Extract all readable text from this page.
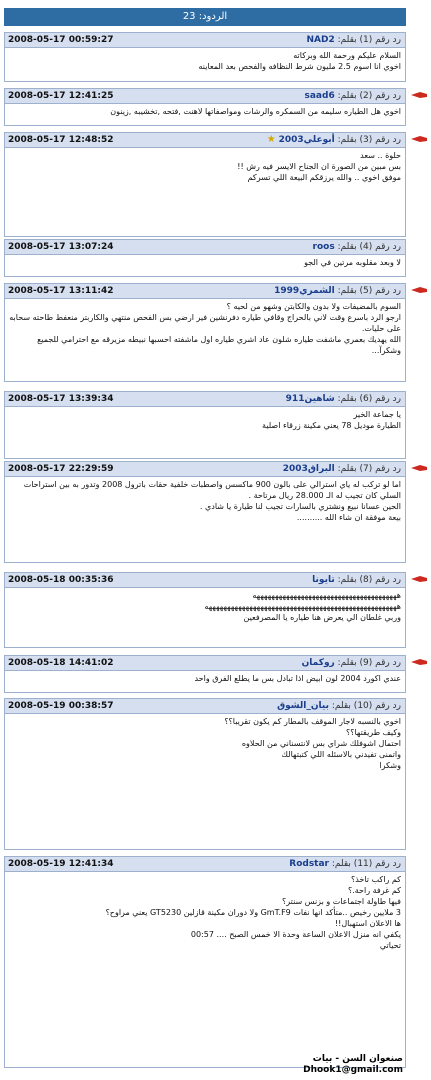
الردود: 23
2008-05-17 00:59:27	رد رقم (1) بقلم: NAD2

السلام عليكم ورحمة الله وبركاته

اخوي انا اسوم 2.5 مليون شرط النظافه والفحص بعد المعاينه

2008-05-17 12:41:25	رد رقم (2) بقلم: saad6

اخوي هل الطياره سليمه من السمكره والرشات ومواصفاتها لاهنت ,فتحه ,تخشيبه ,زينون

2008-05-17 12:48:52	رد رقم (3) بقلم: أبوعلي2003 ★

حلوة .. سعد

بس مبين من الصورة ان الجناح الايسر فيه رش !!

موفق اخوي .. والله يرزقكم البيعة اللي تسركم

2008-05-17 13:07:24	رد رقم (4) بقلم: roos

لا وبعد مقلوبه مرتين في الجو

2008-05-17 13:11:42	رد رقم (5) بقلم: الشمري1999

السوم بالمضيفات ولا بدون والكابتن وشهو من لحيه ؟

ارجو الرد باسرع وقت لاني بالحراج وقافي طياره دفرنشين فير ارضي بس الفحص منتهي والكاربتر منعفط طاحته سحابه على حليات.

الله يهديك بعمري ماشفت طياره شلون عاد اشري طياره اول ماشفته احسبها نبيطه مزيرقه مع احترامي للجميع وشكرآ...

2008-05-17 13:39:34	رد رقم (6) بقلم: شاهين911

يا جماعة الخير

الطيارة موديل 78 يعني مكينة زرقاء اصلية

2008-05-17 22:29:59	رد رقم (7) بقلم: البراق2003

اما لو تركب له ياي استرالي على بالون 900 ماكسس واصطبات خلفية حقات باترول 2008 وتدور به بين استراحات السلي كان تجيب له الـ 28.000 ريال مرتاحة .

الحين عسانا نبيع ونشتري بالسارات تجيب لنا طيارة يا شادي .

بيعة موفقة ان شاء الله ..........

2008-05-18 00:35:36	رد رقم (8) بقلم: تايونا

هههههههههههههههههههههههههههههههههههههههه

ههههههههههههههههههههههههههههههههههههههههههههههههههههه

وربي غلطان الي يعرض هنا طياره يا المصرفعين

2008-05-18 14:41:02	رد رقم (9) بقلم: روكمان

عندي اكورد 2004 لون ابيض اذا تبادل بس ما يطلع الفرق واحد

2008-05-19 00:38:57	رد رقم (10) بقلم: بيان_الشوق

اخوي بالنسبه لاجار الموقف بالمطار كم يكون تقريبا؟؟

وكيف طريقتها؟؟

احتمال اشوفلك شراي بس لانتسناني من الحلاوه

واتمنى تفيدني بالاسئله اللي كتبتهالك

وشكرا

2008-05-19 12:41:34	رد رقم (11) بقلم: Rodstar

كم راكب تاخذ؟

كم غرفة راحة.؟

فيها طاولة اجتماعات و بزنس سنتر؟

3 ملايين رخيص ..متأكد انها نفات GmT.F9 ولا دوران مكينة قازلين GT5230 يعني مراوح؟

ها الاعلان استهبال!!

يكفي انه منزل الاعلان الساعة وحدة الا خمس الصبح .... 00:57

تحياتي

صنعوان السن - بيات
Dhook1@gmail.com
